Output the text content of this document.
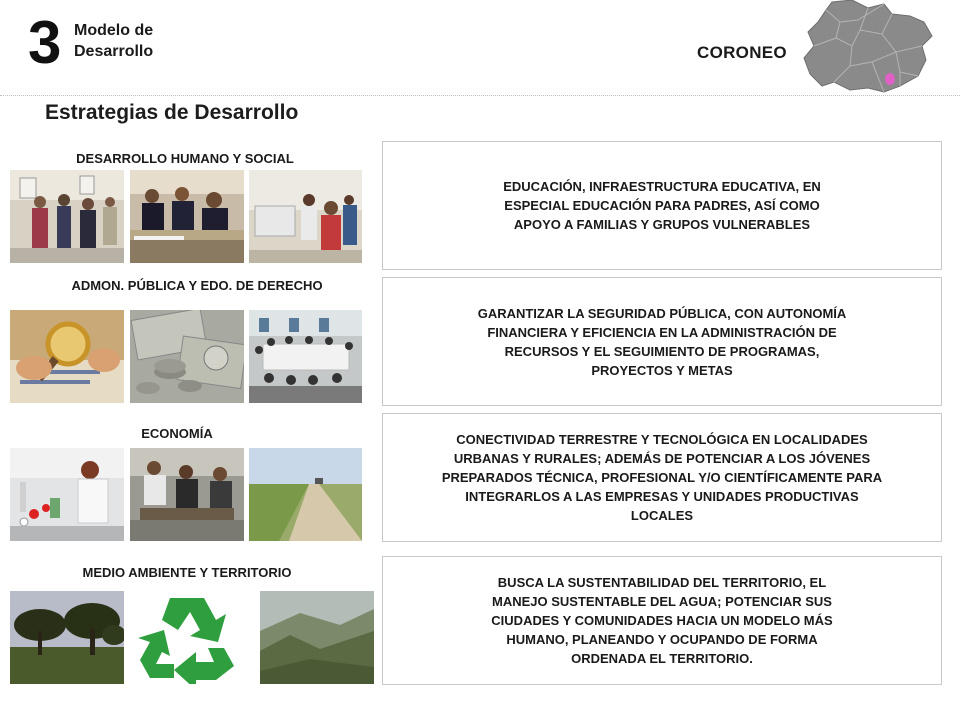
3 Modelo de
Desarrollo	CORONEO
Estrategias de Desarrollo
DESARROLLO HUMANO Y SOCIAL

EDUCACIÓN, INFRAESTRUCTURA EDUCATIVA, EN
ESPECIAL EDUCACIÓN PARA PADRES, ASÍ COMO
APOYO A FAMILIAS Y GRUPOS VULNERABLES

ADMON. PÚBLICA Y EDO. DE DERECHO

GARANTIZAR LA SEGURIDAD PÚBLICA, CON AUTONOMÍA
FINANCIERA Y EFICIENCIA EN LA ADMINISTRACIÓN DE
RECURSOS Y EL SEGUIMIENTO DE PROGRAMAS,
PROYECTOS Y METAS

ECONOMÍA	CONECTIVIDAD TERRESTRE Y TECNOLÓGICA EN LOCALIDADES
URBANAS Y RURALES; ADEMÁS DE POTENCIAR A LOS JÓVENES
PREPARADOS TÉCNICA, PROFESIONAL Y/O CIENTÍFICAMENTE PARA
INTEGRARLOS A LAS EMPRESAS Y UNIDADES PRODUCTIVAS
LOCALES

MEDIO AMBIENTE Y TERRITORIO

BUSCA LA SUSTENTABILIDAD DEL TERRITORIO, EL
MANEJO SUSTENTABLE DEL AGUA; POTENCIAR SUS
CIUDADES Y COMUNIDADES HACIA UN MODELO MÁS
HUMANO, PLANEANDO Y OCUPANDO DE FORMA
ORDENADA EL TERRITORIO.
